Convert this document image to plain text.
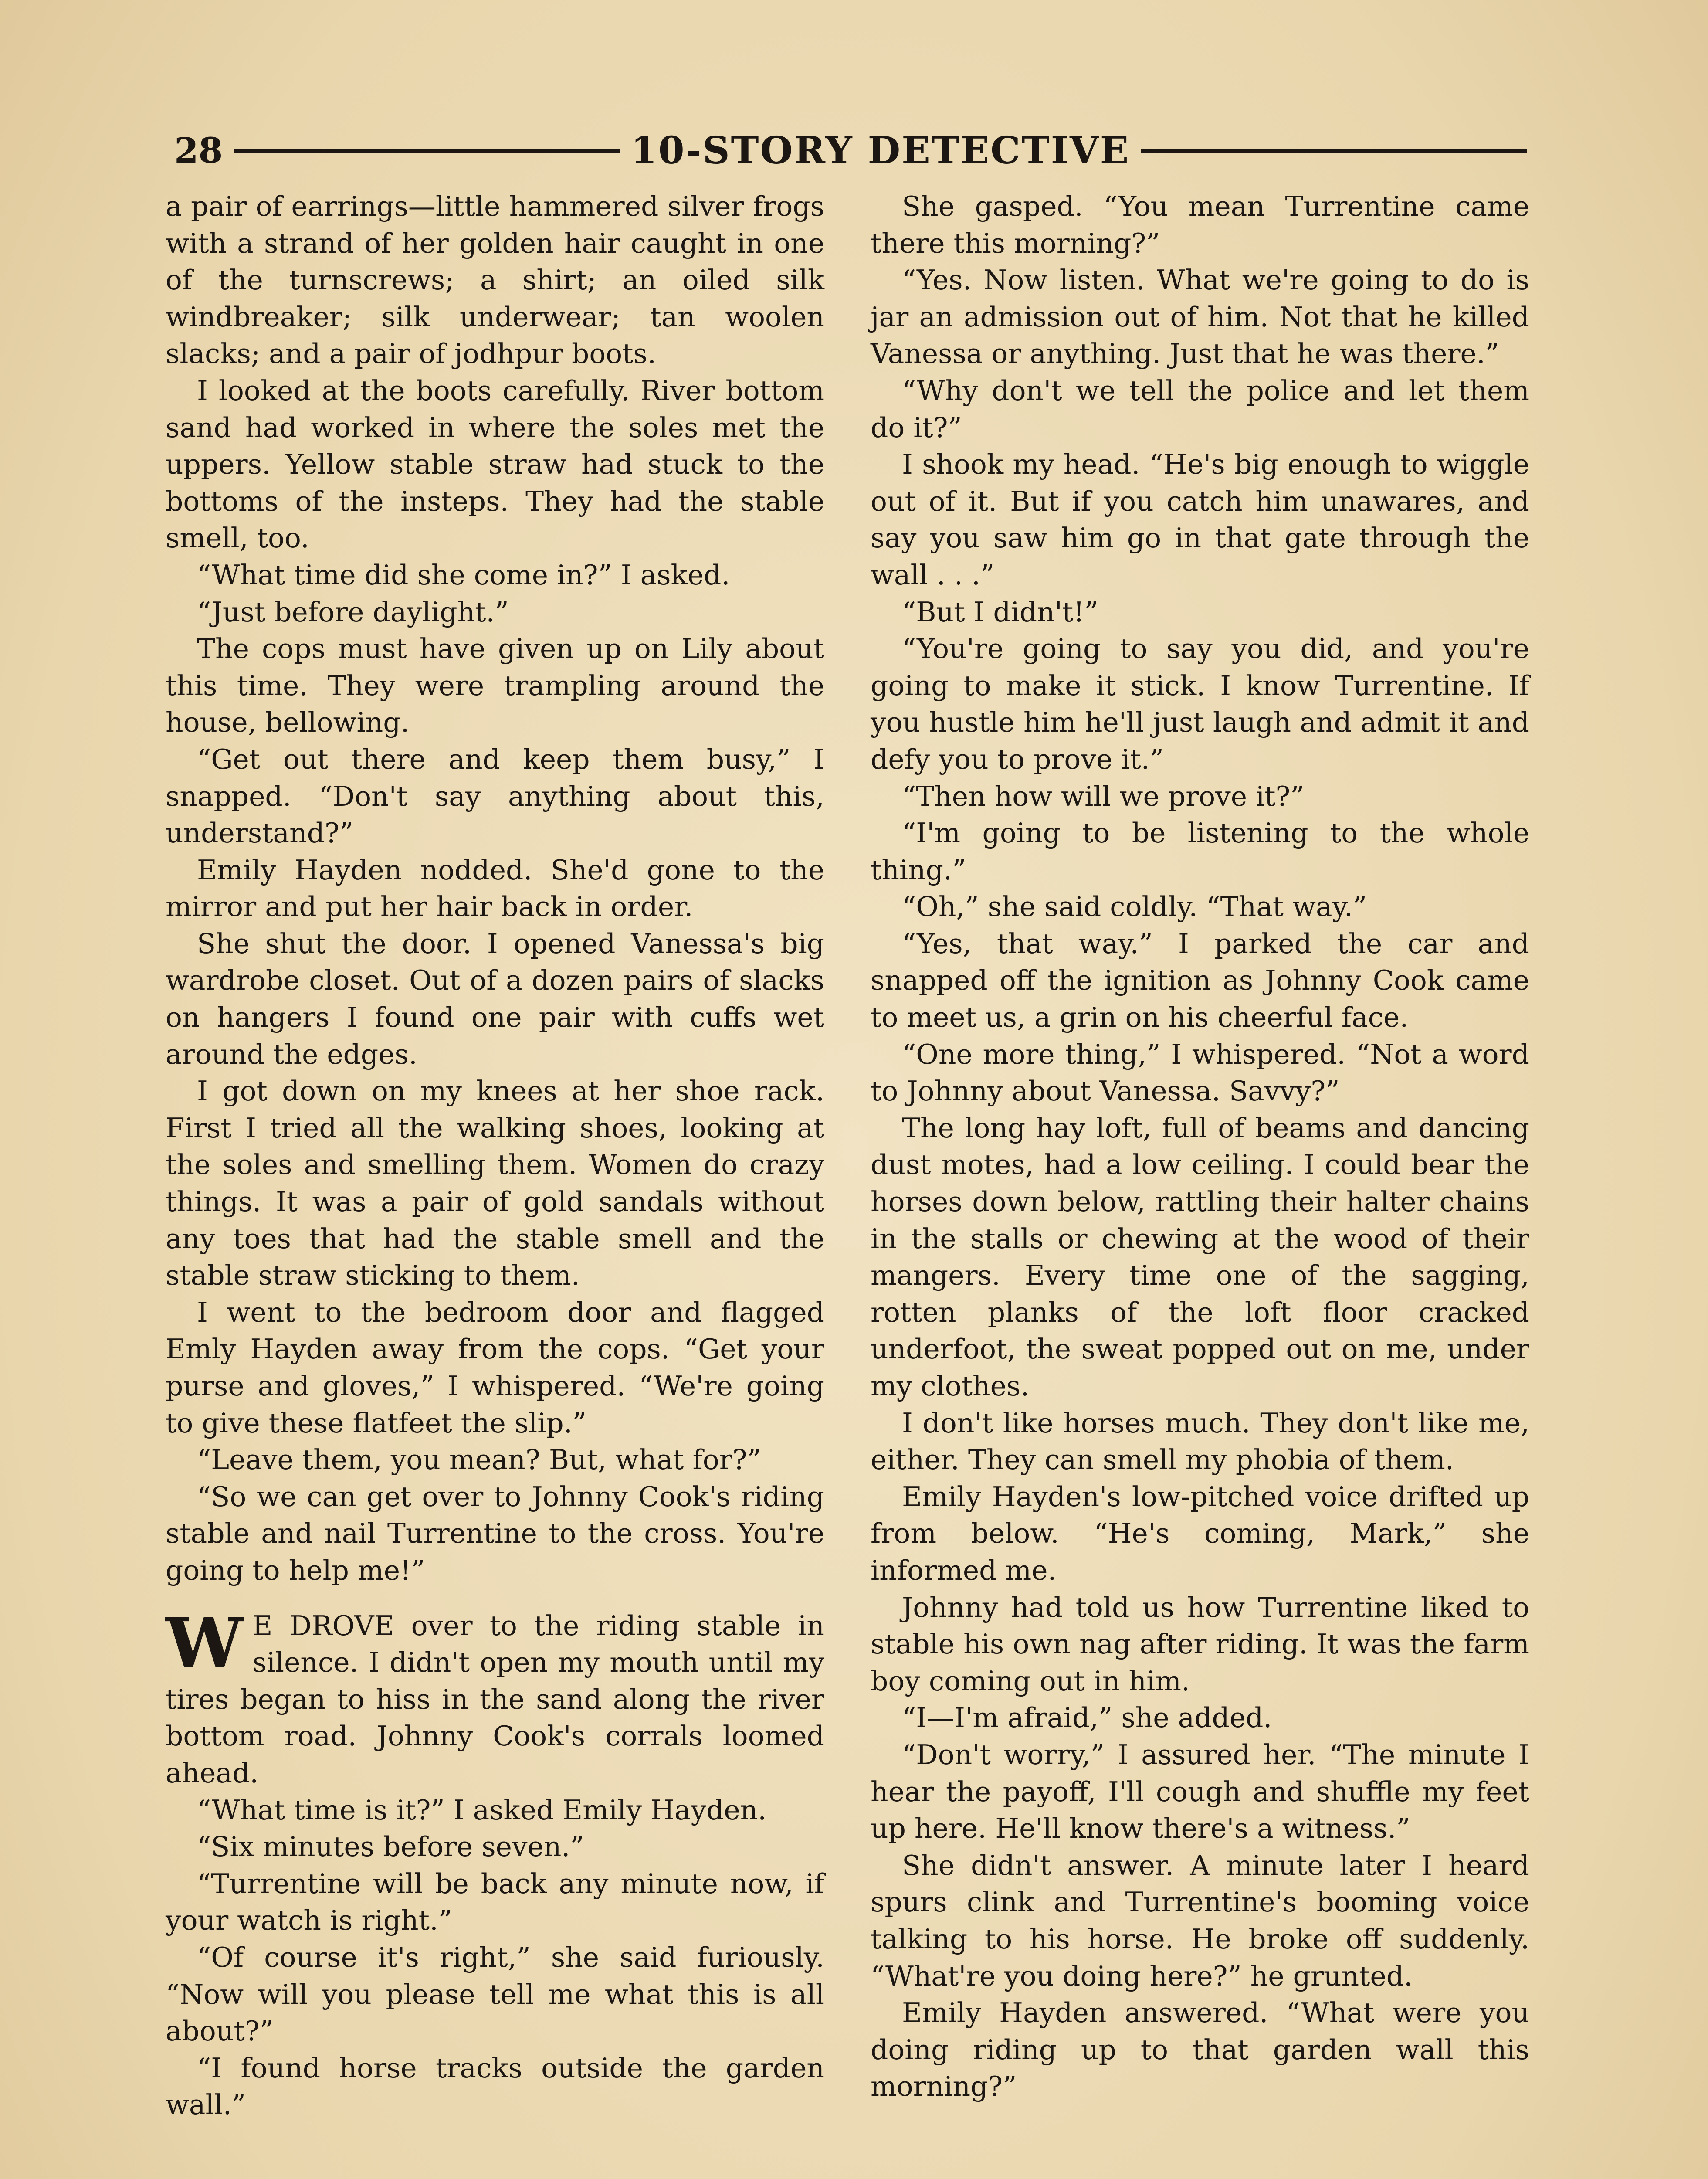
28	10-STORY DETECTIVE

a pair of earrings—little hammered silver frogs with a strand of her golden hair caught in one of the turnscrews; a shirt; an oiled silk windbreaker; silk underwear; tan woolen slacks; and a pair of jodhpur boots.

I looked at the boots carefully. River bottom sand had worked in where the soles met the uppers. Yellow stable straw had stuck to the bottoms of the insteps. They had the stable smell, too.

“What time did she come in?” I asked.

“Just before daylight.”

The cops must have given up on Lily about this time. They were trampling around the house, bellowing.

“Get out there and keep them busy,” I snapped. “Don't say anything about this, understand?”

Emily Hayden nodded. She'd gone to the mirror and put her hair back in order.

She shut the door. I opened Vanessa's big wardrobe closet. Out of a dozen pairs of slacks on hangers I found one pair with cuffs wet around the edges.

I got down on my knees at her shoe rack. First I tried all the walking shoes, looking at the soles and smelling them. Women do crazy things. It was a pair of gold sandals without any toes that had the stable smell and the stable straw sticking to them.

I went to the bedroom door and flagged Emly Hayden away from the cops. “Get your purse and gloves,” I whispered. “We're going to give these flatfeet the slip.”

“Leave them, you mean? But, what for?”

“So we can get over to Johnny Cook's riding stable and nail Turrentine to the cross. You're going to help me!”

W E DROVE over to the riding stable in silence. I didn't open my mouth until my tires began to hiss in the sand along the river bottom road. Johnny Cook's corrals loomed ahead.

“What time is it?” I asked Emily Hayden.

“Six minutes before seven.”

“Turrentine will be back any minute now, if your watch is right.”

“Of course it's right,” she said furiously. “Now will you please tell me what this is all about?”

“I found horse tracks outside the garden wall.”

She gasped. “You mean Turrentine came there this morning?”

“Yes. Now listen. What we're going to do is jar an admission out of him. Not that he killed Vanessa or anything. Just that he was there.”

“Why don't we tell the police and let them do it?”

I shook my head. “He's big enough to wiggle out of it. But if you catch him unawares, and say you saw him go in that gate through the wall . . .”

“But I didn't!”

“You're going to say you did, and you're going to make it stick. I know Turrentine. If you hustle him he'll just laugh and admit it and defy you to prove it.”

“Then how will we prove it?”

“I'm going to be listening to the whole thing.”

“Oh,” she said coldly. “That way.”

“Yes, that way.” I parked the car and snapped off the ignition as Johnny Cook came to meet us, a grin on his cheerful face.

“One more thing,” I whispered. “Not a word to Johnny about Vanessa. Savvy?”

The long hay loft, full of beams and dancing dust motes, had a low ceiling. I could bear the horses down below, rattling their halter chains in the stalls or chewing at the wood of their mangers. Every time one of the sagging, rotten planks of the loft floor cracked underfoot, the sweat popped out on me, under my clothes.

I don't like horses much. They don't like me, either. They can smell my phobia of them.

Emily Hayden's low-pitched voice drifted up from below. “He's coming, Mark,” she informed me.

Johnny had told us how Turrentine liked to stable his own nag after riding. It was the farm boy coming out in him.

“I—I'm afraid,” she added.

“Don't worry,” I assured her. “The minute I hear the payoff, I'll cough and shuffle my feet up here. He'll know there's a witness.”

She didn't answer. A minute later I heard spurs clink and Turrentine's booming voice talking to his horse. He broke off suddenly. “What're you doing here?” he grunted.

Emily Hayden answered. “What were you doing riding up to that garden wall this morning?”
